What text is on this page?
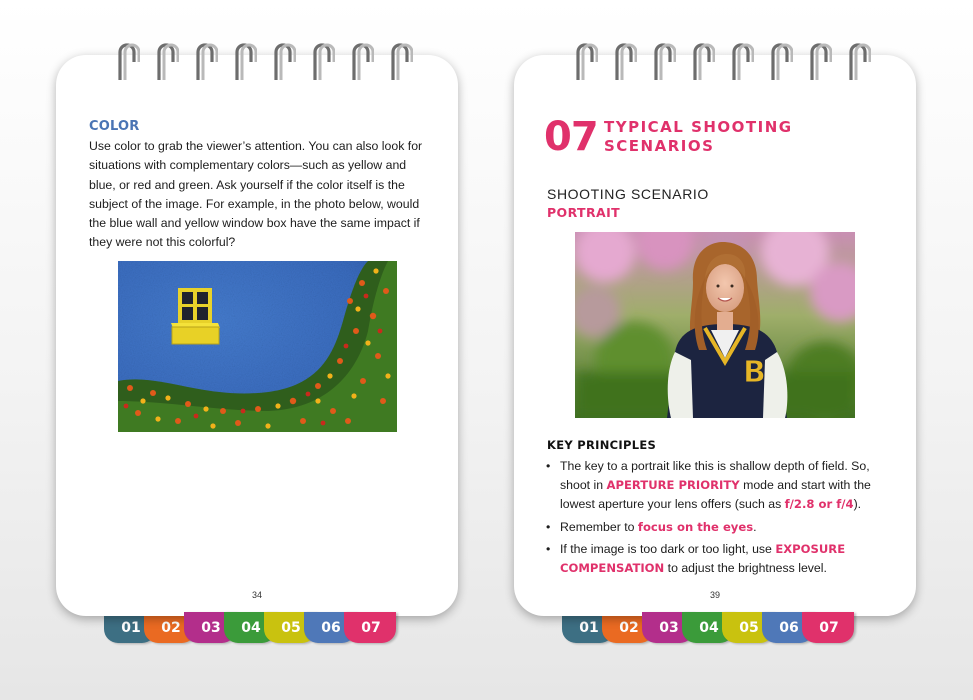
01	02	03	04	05	06	07
COLOR
Use color to grab the viewer’s attention. You can also look for situations with complementary colors—such as yellow and blue, or red and green. Ask yourself if the color itself is the subject of the image. For example, in the photo below, would the blue wall and yellow window box have the same impact if they were not this colorful?
34
01	02	03	04	05	06	07
07 TYPICAL SHOOTING SCENARIOS
SHOOTING SCENARIO
PORTRAIT
B
KEY PRINCIPLES
• The key to a portrait like this is shallow depth of field. So, shoot in APERTURE PRIORITY mode and start with the lowest aperture your lens offers (such as f/2.8 or f/4).
• Remember to focus on the eyes.
• If the image is too dark or too light, use EXPOSURE COMPENSATION to adjust the brightness level.
39
